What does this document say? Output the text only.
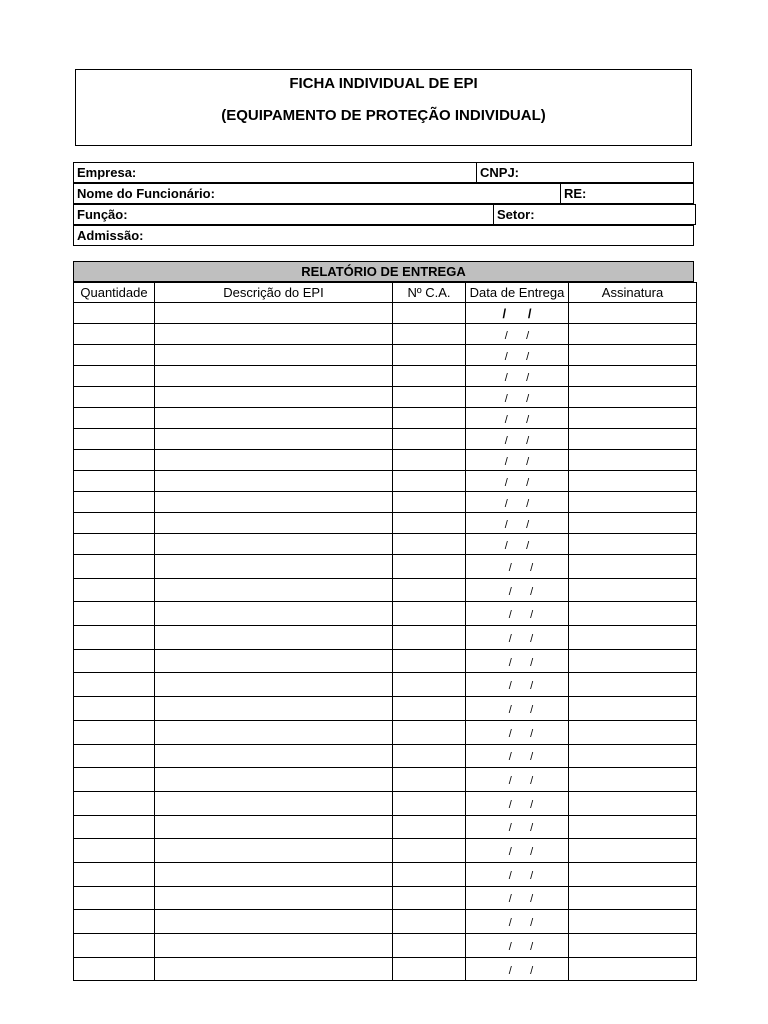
FICHA INDIVIDUAL DE EPI
(EQUIPAMENTO DE PROTEÇÃO INDIVIDUAL)
Empresa:	CNPJ:
Nome do Funcionário:	RE:
Função:	Setor:
Admissão:
RELATÓRIO DE ENTREGA
Quantidade	Descrição do EPI	Nº C.A.	Data de Entrega	Assinatura
			/      /	
			/      /	
			/      /	
			/      /	
			/      /	
			/      /	
			/      /	
			/      /	
			/      /	
			/      /	
			/      /	
			/      /	
			/      /	
			/      /	
			/      /	
			/      /	
			/      /	
			/      /	
			/      /	
			/      /	
			/      /	
			/      /	
			/      /	
			/      /	
			/      /	
			/      /	
			/      /	
			/      /	
			/      /	
			/      /	
